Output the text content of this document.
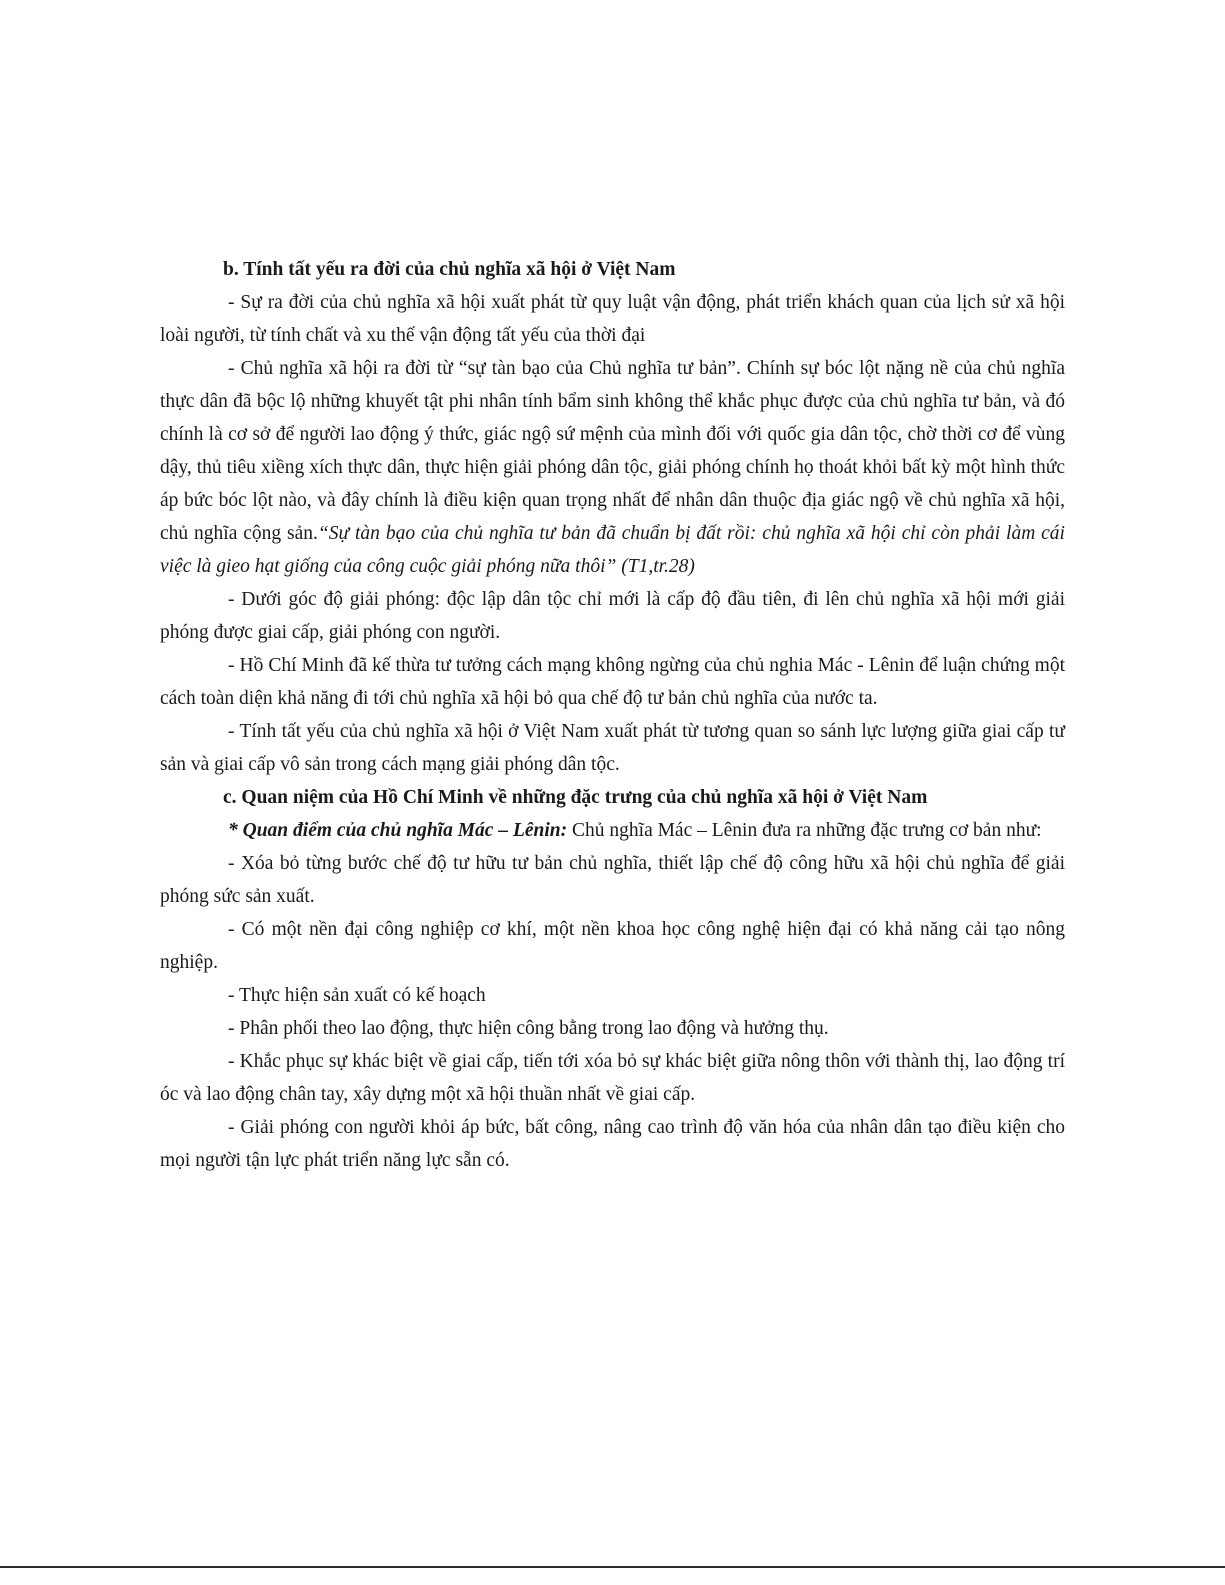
b. Tính tất yếu ra đời của chủ nghĩa xã hội ở Việt Nam

- Sự ra đời của chủ nghĩa xã hội xuất phát từ quy luật vận động, phát triển khách quan của lịch sử xã hội loài người, từ tính chất và xu thế vận động tất yếu của thời đại

- Chủ nghĩa xã hội ra đời từ “sự tàn bạo của Chủ nghĩa tư bản”. Chính sự bóc lột nặng nề của chủ nghĩa thực dân đã bộc lộ những khuyết tật phi nhân tính bẩm sinh không thể khắc phục được của chủ nghĩa tư bản, và đó chính là cơ sở để người lao động ý thức, giác ngộ sứ mệnh của mình đối với quốc gia dân tộc, chờ thời cơ để vùng dậy, thủ tiêu xiềng xích thực dân, thực hiện giải phóng dân tộc, giải phóng chính họ thoát khỏi bất kỳ một hình thức áp bức bóc lột nào, và đây chính là điều kiện quan trọng nhất để nhân dân thuộc địa giác ngộ về chủ nghĩa xã hội, chủ nghĩa cộng sản.“Sự tàn bạo của chủ nghĩa tư bản đã chuẩn bị đất rồi: chủ nghĩa xã hội chỉ còn phải làm cái việc là gieo hạt giống của công cuộc giải phóng nữa thôi” (T1,tr.28)

- Dưới góc độ giải phóng: độc lập dân tộc chỉ mới là cấp độ đầu tiên, đi lên chủ nghĩa xã hội mới giải phóng được giai cấp, giải phóng con người.

- Hồ Chí Minh đã kế thừa tư tưởng cách mạng không ngừng của chủ nghia Mác - Lênin để luận chứng một cách toàn diện khả năng đi tới chủ nghĩa xã hội bỏ qua chế độ tư bản chủ nghĩa của nước ta.

- Tính tất yếu của chủ nghĩa xã hội ở Việt Nam xuất phát từ tương quan so sánh lực lượng giữa giai cấp tư sản và giai cấp vô sản trong cách mạng giải phóng dân tộc.

c. Quan niệm của Hồ Chí Minh về những đặc trưng của chủ nghĩa xã hội ở Việt Nam

* Quan điểm của chủ nghĩa Mác – Lênin: Chủ nghĩa Mác – Lênin đưa ra những đặc trưng cơ bản như:

- Xóa bỏ từng bước chế độ tư hữu tư bản chủ nghĩa, thiết lập chế độ công hữu xã hội chủ nghĩa để giải phóng sức sản xuất.

- Có một nền đại công nghiệp cơ khí, một nền khoa học công nghệ hiện đại có khả năng cải tạo nông nghiệp.

- Thực hiện sản xuất có kế hoạch

- Phân phối theo lao động, thực hiện công bằng trong lao động và hưởng thụ.

- Khắc phục sự khác biệt về giai cấp, tiến tới xóa bỏ sự khác biệt giữa nông thôn với thành thị, lao động trí óc và lao động chân tay, xây dựng một xã hội thuần nhất về giai cấp.

- Giải phóng con người khỏi áp bức, bất công, nâng cao trình độ văn hóa của nhân dân tạo điều kiện cho mọi người tận lực phát triển năng lực sẵn có.
